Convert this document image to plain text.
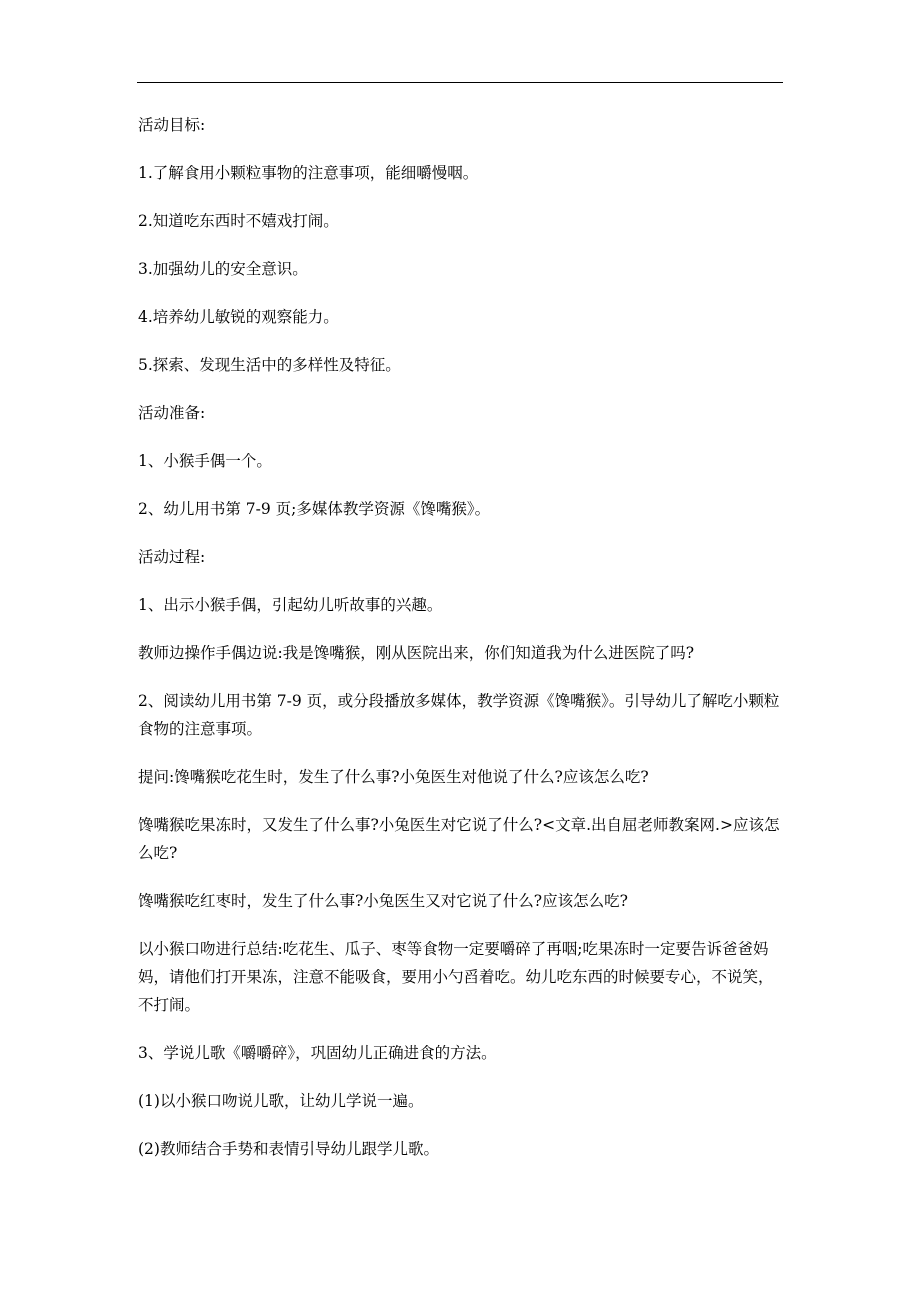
活动目标:

1.了解食用小颗粒事物的注意事项，能细嚼慢咽。

2.知道吃东西时不嬉戏打闹。

3.加强幼儿的安全意识。

4.培养幼儿敏锐的观察能力。

5.探索、发现生活中的多样性及特征。

活动准备:

1、小猴手偶一个。

2、幼儿用书第 7-9 页;多媒体教学资源《馋嘴猴》。

活动过程:

1、出示小猴手偶，引起幼儿听故事的兴趣。

教师边操作手偶边说:我是馋嘴猴，刚从医院出来，你们知道我为什么进医院了吗?

2、阅读幼儿用书第 7-9 页，或分段播放多媒体，教学资源《馋嘴猴》。引导幼儿了解吃小颗粒食物的注意事项。

提问:馋嘴猴吃花生时，发生了什么事?小兔医生对他说了什么?应该怎么吃?

馋嘴猴吃果冻时，又发生了什么事?小兔医生对它说了什么?<文章.出自屈老师教案网.>应该怎么吃?

馋嘴猴吃红枣时，发生了什么事?小兔医生又对它说了什么?应该怎么吃?

以小猴口吻进行总结:吃花生、瓜子、枣等食物一定要嚼碎了再咽;吃果冻时一定要告诉爸爸妈妈，请他们打开果冻，注意不能吸食，要用小勺舀着吃。幼儿吃东西的时候要专心，不说笑，不打闹。

3、学说儿歌《嚼嚼碎》，巩固幼儿正确进食的方法。

(1)以小猴口吻说儿歌，让幼儿学说一遍。

(2)教师结合手势和表情引导幼儿跟学儿歌。
